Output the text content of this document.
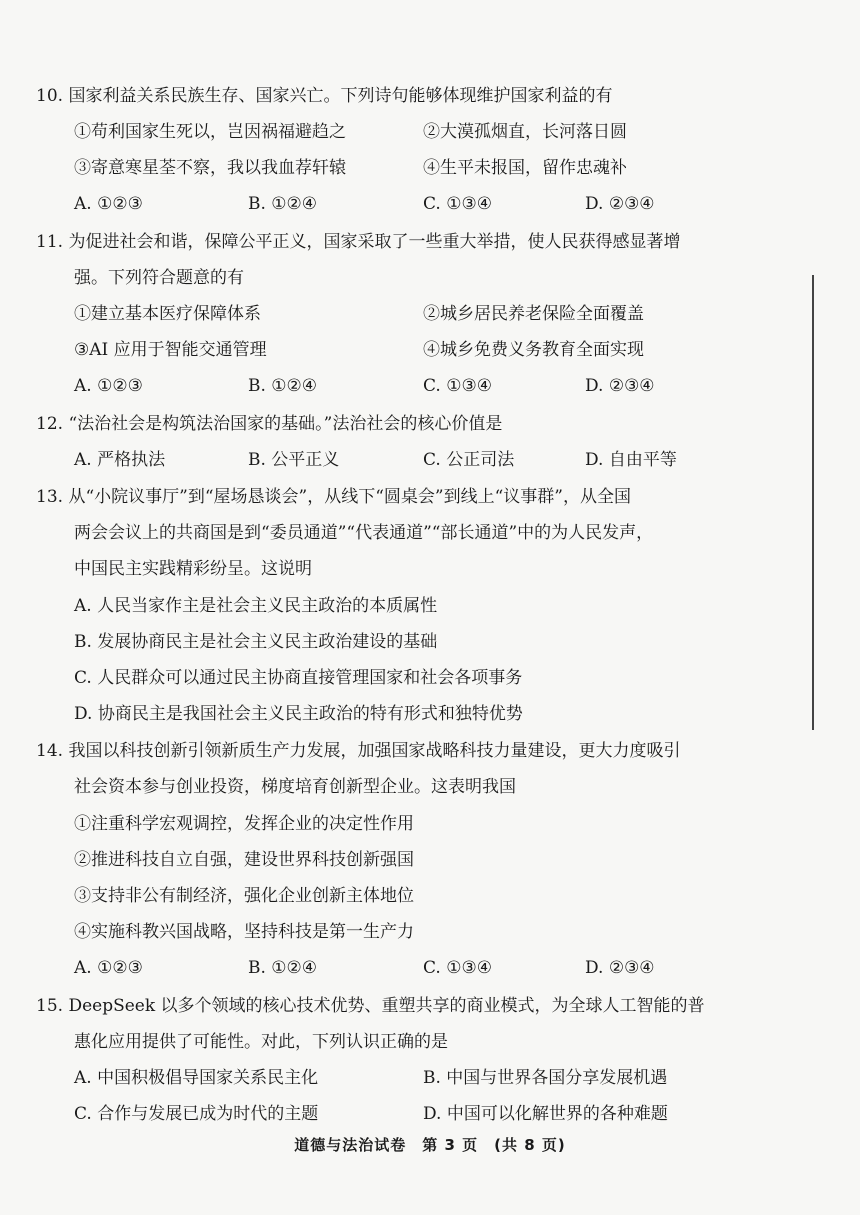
10. 国家利益关系民族生存、国家兴亡。下列诗句能够体现维护国家利益的有
①苟利国家生死以，岂因祸福避趋之	②大漠孤烟直，长河落日圆
③寄意寒星荃不察，我以我血荐轩辕	④生平未报国，留作忠魂补
A. ①②③	B. ①②④	C. ①③④	D. ②③④
11. 为促进社会和谐，保障公平正义，国家采取了一些重大举措，使人民获得感显著增
强。下列符合题意的有
①建立基本医疗保障体系	②城乡居民养老保险全面覆盖
③AI 应用于智能交通管理	④城乡免费义务教育全面实现
A. ①②③	B. ①②④	C. ①③④	D. ②③④
12. “法治社会是构筑法治国家的基础。”法治社会的核心价值是
A. 严格执法	B. 公平正义	C. 公正司法	D. 自由平等
13. 从“小院议事厅”到“屋场恳谈会”，从线下“圆桌会”到线上“议事群”，从全国
两会会议上的共商国是到“委员通道”“代表通道”“部长通道”中的为人民发声，
中国民主实践精彩纷呈。这说明
A. 人民当家作主是社会主义民主政治的本质属性
B. 发展协商民主是社会主义民主政治建设的基础
C. 人民群众可以通过民主协商直接管理国家和社会各项事务
D. 协商民主是我国社会主义民主政治的特有形式和独特优势
14. 我国以科技创新引领新质生产力发展，加强国家战略科技力量建设，更大力度吸引
社会资本参与创业投资，梯度培育创新型企业。这表明我国
①注重科学宏观调控，发挥企业的决定性作用
②推进科技自立自强，建设世界科技创新强国
③支持非公有制经济，强化企业创新主体地位
④实施科教兴国战略，坚持科技是第一生产力
A. ①②③	B. ①②④	C. ①③④	D. ②③④
15. DeepSeek 以多个领域的核心技术优势、重塑共享的商业模式，为全球人工智能的普
惠化应用提供了可能性。对此，下列认识正确的是
A. 中国积极倡导国家关系民主化	B. 中国与世界各国分享发展机遇
C. 合作与发展已成为时代的主题	D. 中国可以化解世界的各种难题
道德与法治试卷　第 3 页　(共 8 页)
